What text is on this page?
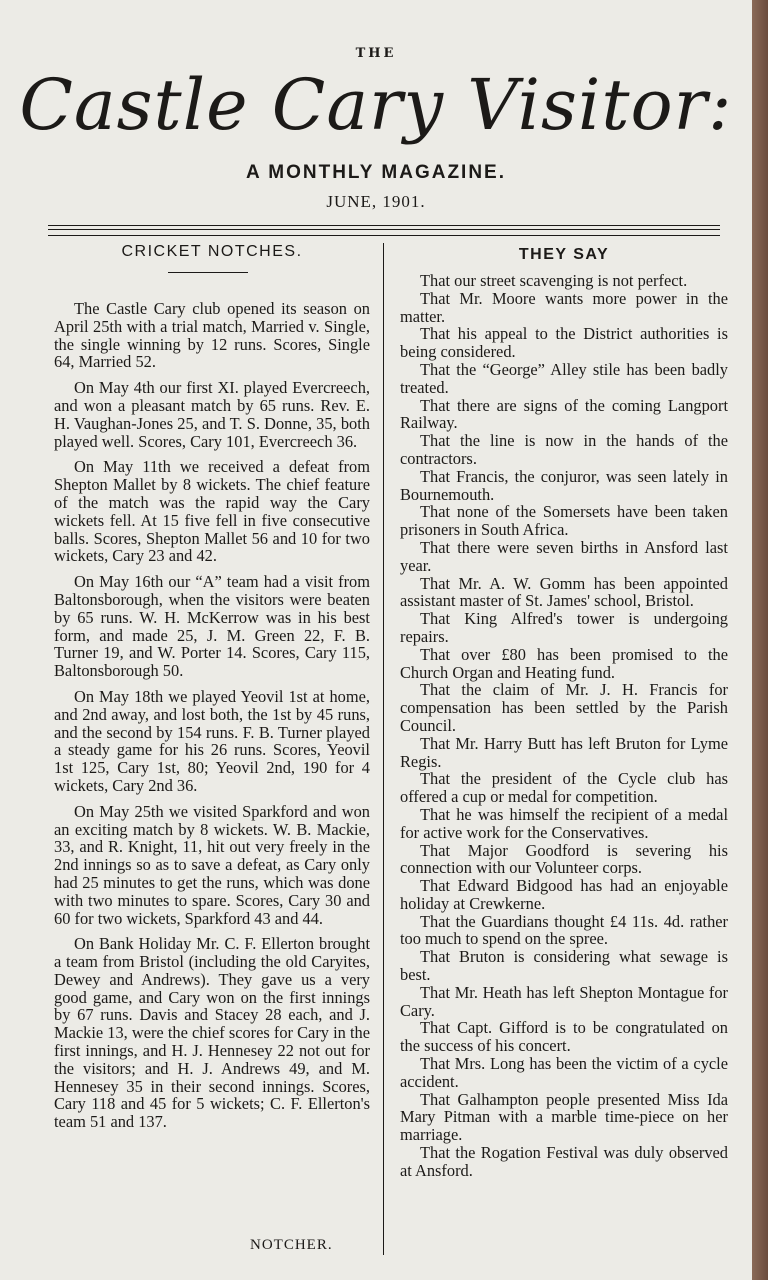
THE
Castle Cary Visitor:
A MONTHLY MAGAZINE.
JUNE, 1901.
CRICKET NOTCHES.

The Castle Cary club opened its season on April 25th with a trial match, Married v. Single, the single winning by 12 runs. Scores, Single 64, Married 52.

On May 4th our first XI. played Evercreech, and won a pleasant match by 65 runs. Rev. E. H. Vaughan-Jones 25, and T. S. Donne, 35, both played well. Scores, Cary 101, Evercreech 36.

On May 11th we received a defeat from Shepton Mallet by 8 wickets. The chief feature of the match was the rapid way the Cary wickets fell. At 15 five fell in five consecutive balls. Scores, Shepton Mallet 56 and 10 for two wickets, Cary 23 and 42.

On May 16th our “A” team had a visit from Baltonsborough, when the visitors were beaten by 65 runs. W. H. McKerrow was in his best form, and made 25, J. M. Green 22, F. B. Turner 19, and W. Porter 14. Scores, Cary 115, Baltonsborough 50.

On May 18th we played Yeovil 1st at home, and 2nd away, and lost both, the 1st by 45 runs, and the second by 154 runs. F. B. Turner played a steady game for his 26 runs. Scores, Yeovil 1st 125, Cary 1st, 80; Yeovil 2nd, 190 for 4 wickets, Cary 2nd 36.

On May 25th we visited Sparkford and won an exciting match by 8 wickets. W. B. Mackie, 33, and R. Knight, 11, hit out very freely in the 2nd innings so as to save a defeat, as Cary only had 25 minutes to get the runs, which was done with two minutes to spare. Scores, Cary 30 and 60 for two wickets, Sparkford 43 and 44.

On Bank Holiday Mr. C. F. Ellerton brought a team from Bristol (including the old Caryites, Dewey and Andrews). They gave us a very good game, and Cary won on the first innings by 67 runs. Davis and Stacey 28 each, and J. Mackie 13, were the chief scores for Cary in the first innings, and H. J. Hennesey 22 not out for the visitors; and H. J. Andrews 49, and M. Hennesey 35 in their second innings. Scores, Cary 118 and 45 for 5 wickets; C. F. Ellerton's team 51 and 137.

NOTCHER.
THEY SAY

That our street scavenging is not perfect.

That Mr. Moore wants more power in the matter.

That his appeal to the District authorities is being considered.

That the “George” Alley stile has been badly treated.

That there are signs of the coming Langport Railway.

That the line is now in the hands of the contractors.

That Francis, the conjuror, was seen lately in Bournemouth.

That none of the Somersets have been taken prisoners in South Africa.

That there were seven births in Ansford last year.

That Mr. A. W. Gomm has been appointed assistant master of St. James' school, Bristol.

That King Alfred's tower is undergoing repairs.

That over £80 has been promised to the Church Organ and Heating fund.

That the claim of Mr. J. H. Francis for compensation has been settled by the Parish Council.

That Mr. Harry Butt has left Bruton for Lyme Regis.

That the president of the Cycle club has offered a cup or medal for competition.

That he was himself the recipient of a medal for active work for the Conservatives.

That Major Goodford is severing his connection with our Volunteer corps.

That Edward Bidgood has had an enjoyable holiday at Crewkerne.

That the Guardians thought £4 11s. 4d. rather too much to spend on the spree.

That Bruton is considering what sewage is best.

That Mr. Heath has left Shepton Montague for Cary.

That Capt. Gifford is to be congratulated on the success of his concert.

That Mrs. Long has been the victim of a cycle accident.

That Galhampton people presented Miss Ida Mary Pitman with a marble time-piece on her marriage.

That the Rogation Festival was duly observed at Ansford.
